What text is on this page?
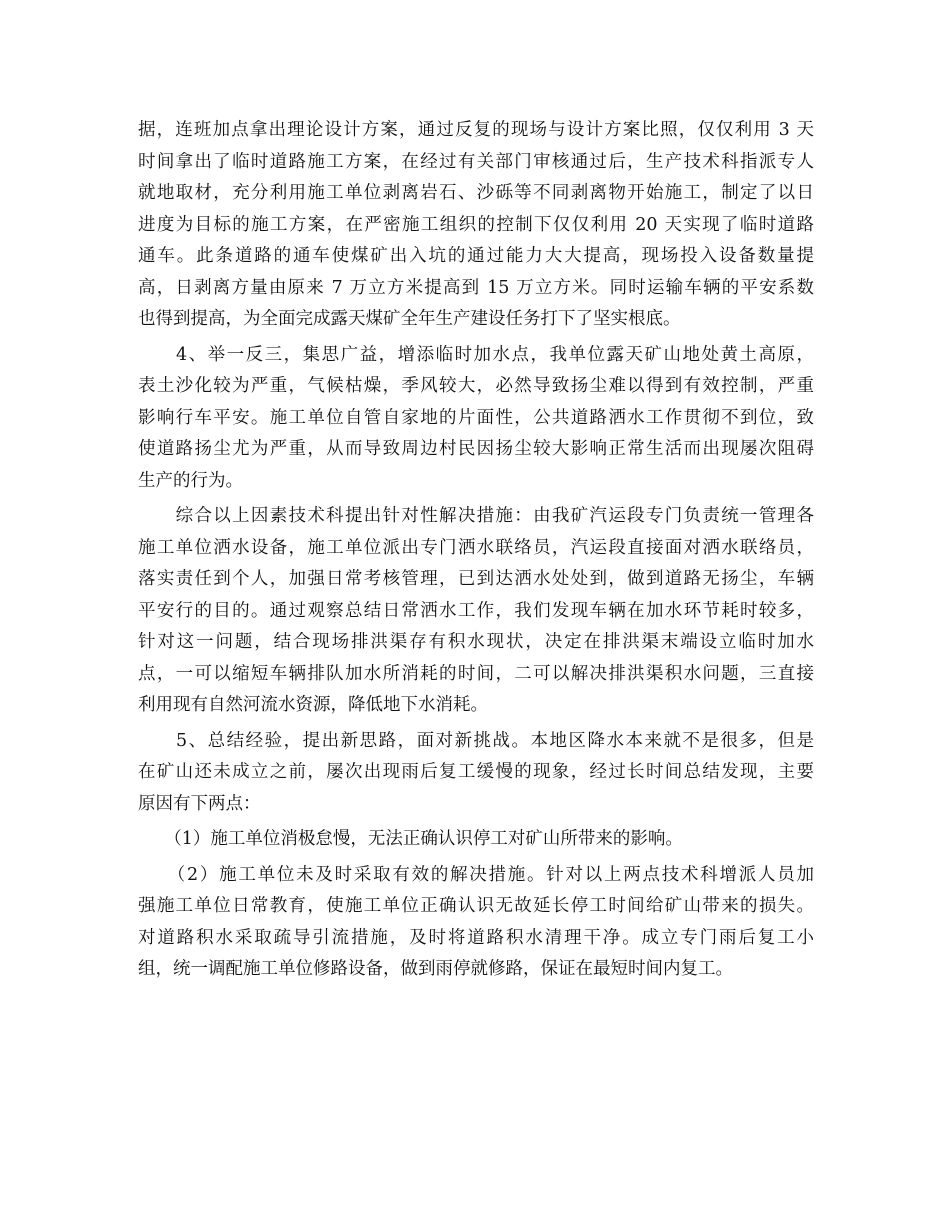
据，连班加点拿出理论设计方案，通过反复的现场与设计方案比照，仅仅利用 3 天
时间拿出了临时道路施工方案，在经过有关部门审核通过后，生产技术科指派专人
就地取材，充分利用施工单位剥离岩石、沙砾等不同剥离物开始施工，制定了以日
进度为目标的施工方案，在严密施工组织的控制下仅仅利用 20 天实现了临时道路
通车。此条道路的通车使煤矿出入坑的通过能力大大提高，现场投入设备数量提
高，日剥离方量由原来 7 万立方米提高到 15 万立方米。同时运输车辆的平安系数
也得到提高，为全面完成露天煤矿全年生产建设任务打下了坚实根底。
　　4、举一反三，集思广益，增添临时加水点，我单位露天矿山地处黄土高原，
表土沙化较为严重，气候枯燥，季风较大，必然导致扬尘难以得到有效控制，严重
影响行车平安。施工单位自管自家地的片面性，公共道路洒水工作贯彻不到位，致
使道路扬尘尤为严重，从而导致周边村民因扬尘较大影响正常生活而出现屡次阻碍
生产的行为。
　　综合以上因素技术科提出针对性解决措施：由我矿汽运段专门负责统一管理各
施工单位洒水设备，施工单位派出专门洒水联络员，汽运段直接面对洒水联络员，
落实责任到个人，加强日常考核管理，已到达洒水处处到，做到道路无扬尘，车辆
平安行的目的。通过观察总结日常洒水工作，我们发现车辆在加水环节耗时较多，
针对这一问题，结合现场排洪渠存有积水现状，决定在排洪渠末端设立临时加水
点，一可以缩短车辆排队加水所消耗的时间，二可以解决排洪渠积水问题，三直接
利用现有自然河流水资源，降低地下水消耗。
　　5、总结经验，提出新思路，面对新挑战。本地区降水本来就不是很多，但是
在矿山还未成立之前，屡次出现雨后复工缓慢的现象，经过长时间总结发现，主要
原因有下两点：
　　（1）施工单位消极怠慢，无法正确认识停工对矿山所带来的影响。
　　（2）施工单位未及时采取有效的解决措施。针对以上两点技术科增派人员加
强施工单位日常教育，使施工单位正确认识无故延长停工时间给矿山带来的损失。
对道路积水采取疏导引流措施，及时将道路积水清理干净。成立专门雨后复工小
组，统一调配施工单位修路设备，做到雨停就修路，保证在最短时间内复工。
